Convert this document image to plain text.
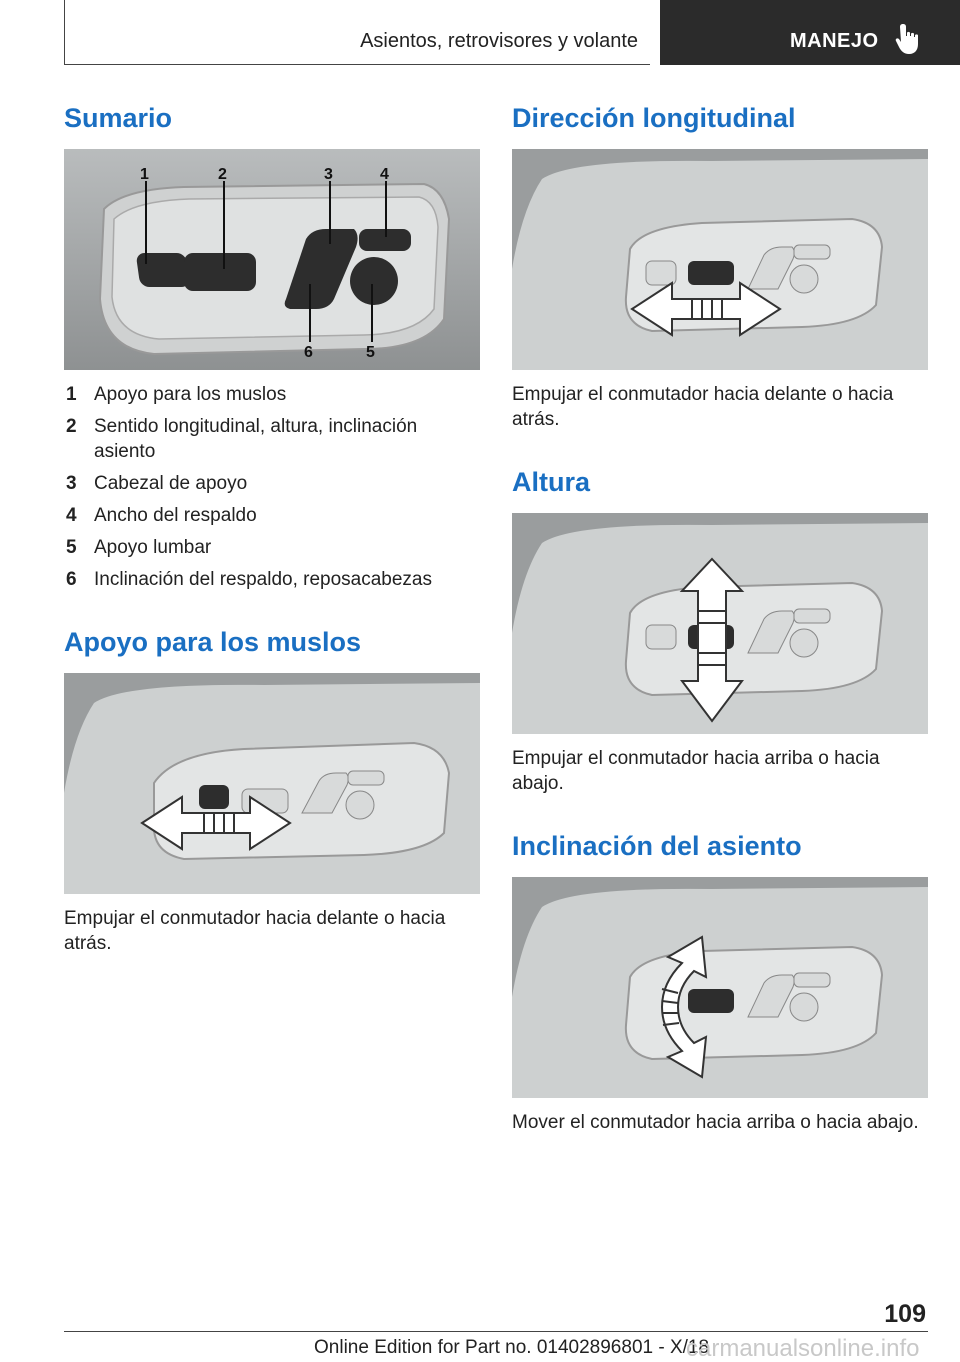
Asientos, retrovisores y volante	MANEJO
Sumario
1	2	3	4
6	5
1 Apoyo para los muslos
2 Sentido longitudinal, altura, inclinación asiento
3 Cabezal de apoyo
4 Ancho del respaldo
5 Apoyo lumbar
6 Inclinación del respaldo, reposacabezas
Apoyo para los muslos
Empujar el conmutador hacia delante o hacia atrás.
Dirección longitudinal
Empujar el conmutador hacia delante o hacia atrás.
Altura
Empujar el conmutador hacia arriba o hacia abajo.
Inclinación del asiento
Mover el conmutador hacia arriba o hacia abajo.
109
Online Edition for Part no. 01402896801 - X/18
carmanualsonline.info
